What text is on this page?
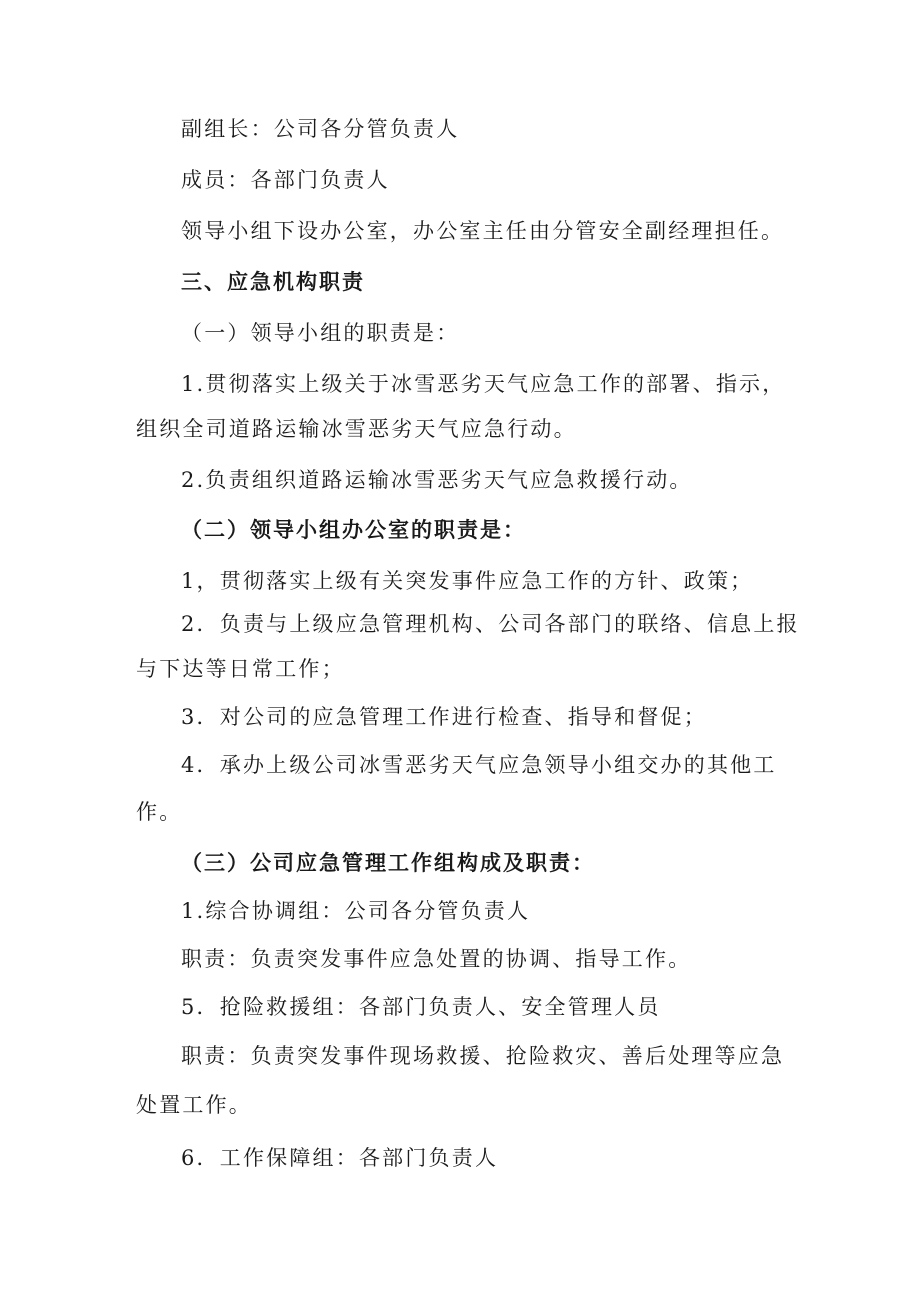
副组长：公司各分管负责人
成员：各部门负责人
领导小组下设办公室，办公室主任由分管安全副经理担任。
三、应急机构职责
（一）领导小组的职责是：
1.贯彻落实上级关于冰雪恶劣天气应急工作的部署、指示，
组织全司道路运输冰雪恶劣天气应急行动。
2.负责组织道路运输冰雪恶劣天气应急救援行动。
（二）领导小组办公室的职责是：
1，贯彻落实上级有关突发事件应急工作的方针、政策；
2．负责与上级应急管理机构、公司各部门的联络、信息上报
与下达等日常工作；
3．对公司的应急管理工作进行检查、指导和督促；
4．承办上级公司冰雪恶劣天气应急领导小组交办的其他工
作。
（三）公司应急管理工作组构成及职责：
1.综合协调组：公司各分管负责人
职责：负责突发事件应急处置的协调、指导工作。
5．抢险救援组：各部门负责人、安全管理人员
职责：负责突发事件现场救援、抢险救灾、善后处理等应急
处置工作。
6．工作保障组：各部门负责人
